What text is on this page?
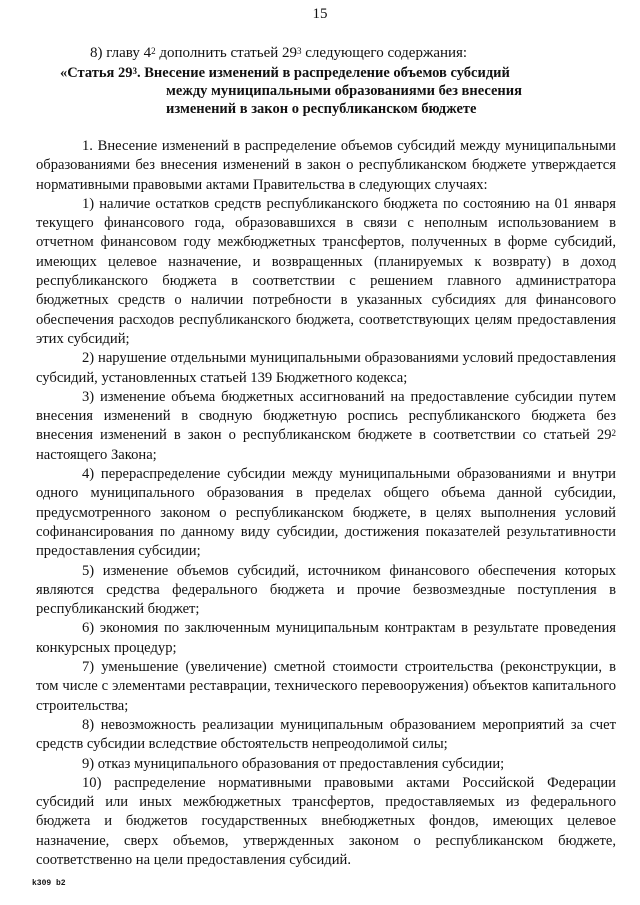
15
8) главу $4^2$ дополнить статьей $29^3$ следующего содержания:
«Статья $29^3$. Внесение изменений в распределение объемов субсидий
между муниципальными образованиями без внесения
изменений в закон о республиканском бюджете

1. Внесение изменений в распределение объемов субсидий между муниципальными образованиями без внесения изменений в закон о республиканском бюджете утверждается нормативными правовыми актами Правительства в следующих случаях:

1) наличие остатков средств республиканского бюджета по состоянию на 01 января текущего финансового года, образовавшихся в связи с неполным использованием в отчетном финансовом году межбюджетных трансфертов, полученных в форме субсидий, имеющих целевое назначение, и возвращенных (планируемых к возврату) в доход республиканского бюджета в соответствии с решением главного администратора бюджетных средств о наличии потребности в указанных субсидиях для финансового обеспечения расходов республиканского бюджета, соответствующих целям предоставления этих субсидий;

2) нарушение отдельными муниципальными образованиями условий предоставления субсидий, установленных статьей 139 Бюджетного кодекса;

3) изменение объема бюджетных ассигнований на предоставление субсидии путем внесения изменений в сводную бюджетную роспись республиканского бюджета без внесения изменений в закон о республиканском бюджете в соответствии со статьей $29^2$ настоящего Закона;

4) перераспределение субсидии между муниципальными образованиями и внутри одного муниципального образования в пределах общего объема данной субсидии, предусмотренного законом о республиканском бюджете, в целях выполнения условий софинансирования по данному виду субсидии, достижения показателей результативности предоставления субсидии;

5) изменение объемов субсидий, источником финансового обеспечения которых являются средства федерального бюджета и прочие безвозмездные поступления в республиканский бюджет;

6) экономия по заключенным муниципальным контрактам в результате проведения конкурсных процедур;

7) уменьшение (увеличение) сметной стоимости строительства (реконструкции, в том числе с элементами реставрации, технического перевооружения) объектов капитального строительства;

8) невозможность реализации муниципальным образованием мероприятий за счет средств субсидии вследствие обстоятельств непреодолимой силы;

9) отказ муниципального образования от предоставления субсидии;

10) распределение нормативными правовыми актами Российской Федерации субсидий или иных межбюджетных трансфертов, предоставляемых из федерального бюджета и бюджетов государственных внебюджетных фондов, имеющих целевое назначение, сверх объемов, утвержденных законом о республиканском бюджете, соответственно на цели предоставления субсидий.

k309 b2
